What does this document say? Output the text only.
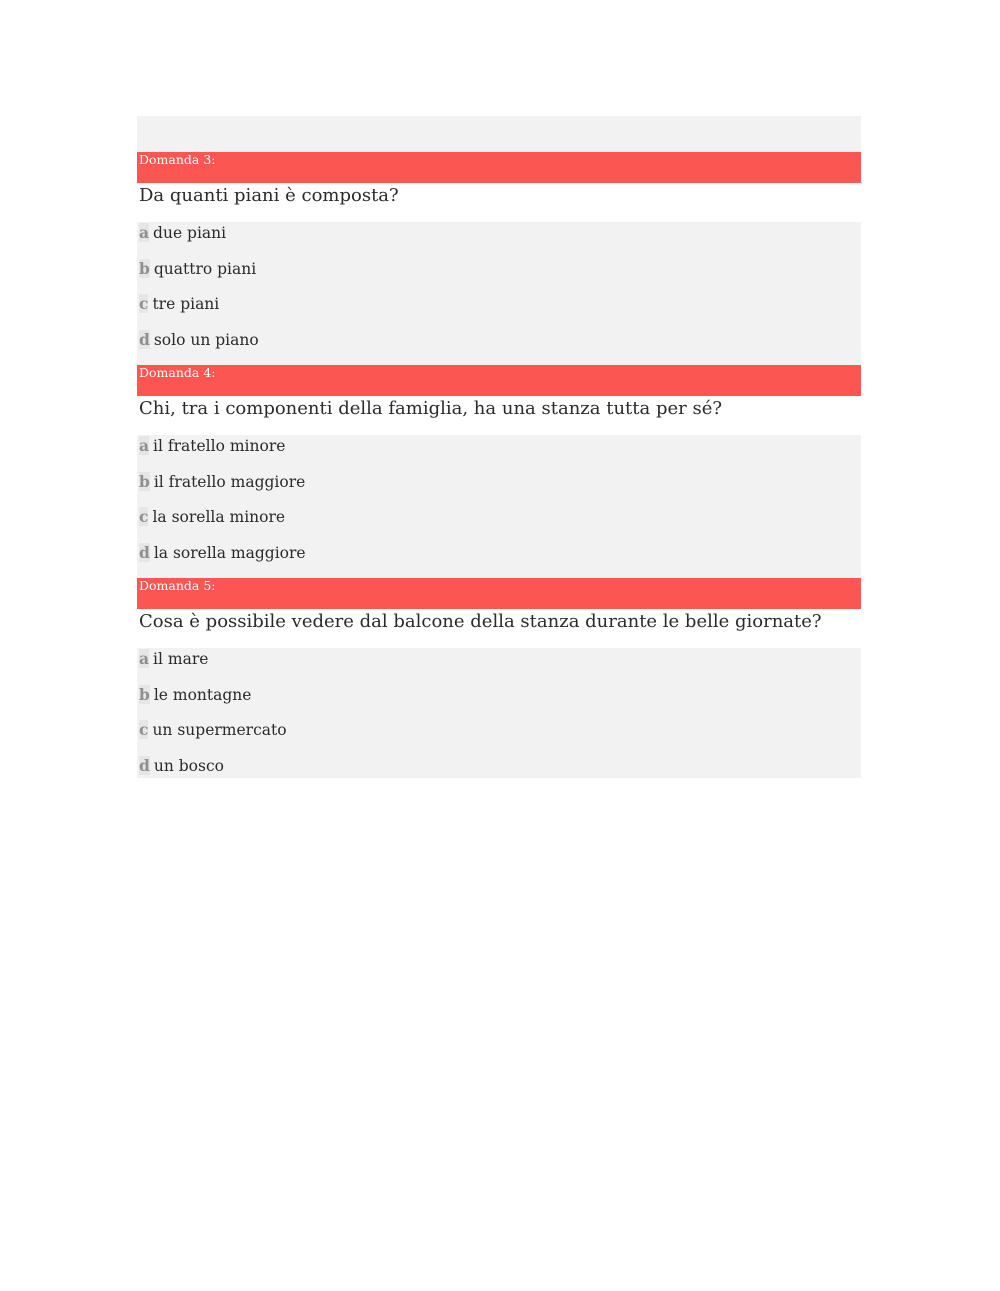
Domanda 3:
Da quanti piani è composta?
a due piani
b quattro piani
c tre piani
d solo un piano
Domanda 4:
Chi, tra i componenti della famiglia, ha una stanza tutta per sé?
a il fratello minore
b il fratello maggiore
c la sorella minore
d la sorella maggiore
Domanda 5:
Cosa è possibile vedere dal balcone della stanza durante le belle giornate?
a il mare
b le montagne
c un supermercato
d un bosco
